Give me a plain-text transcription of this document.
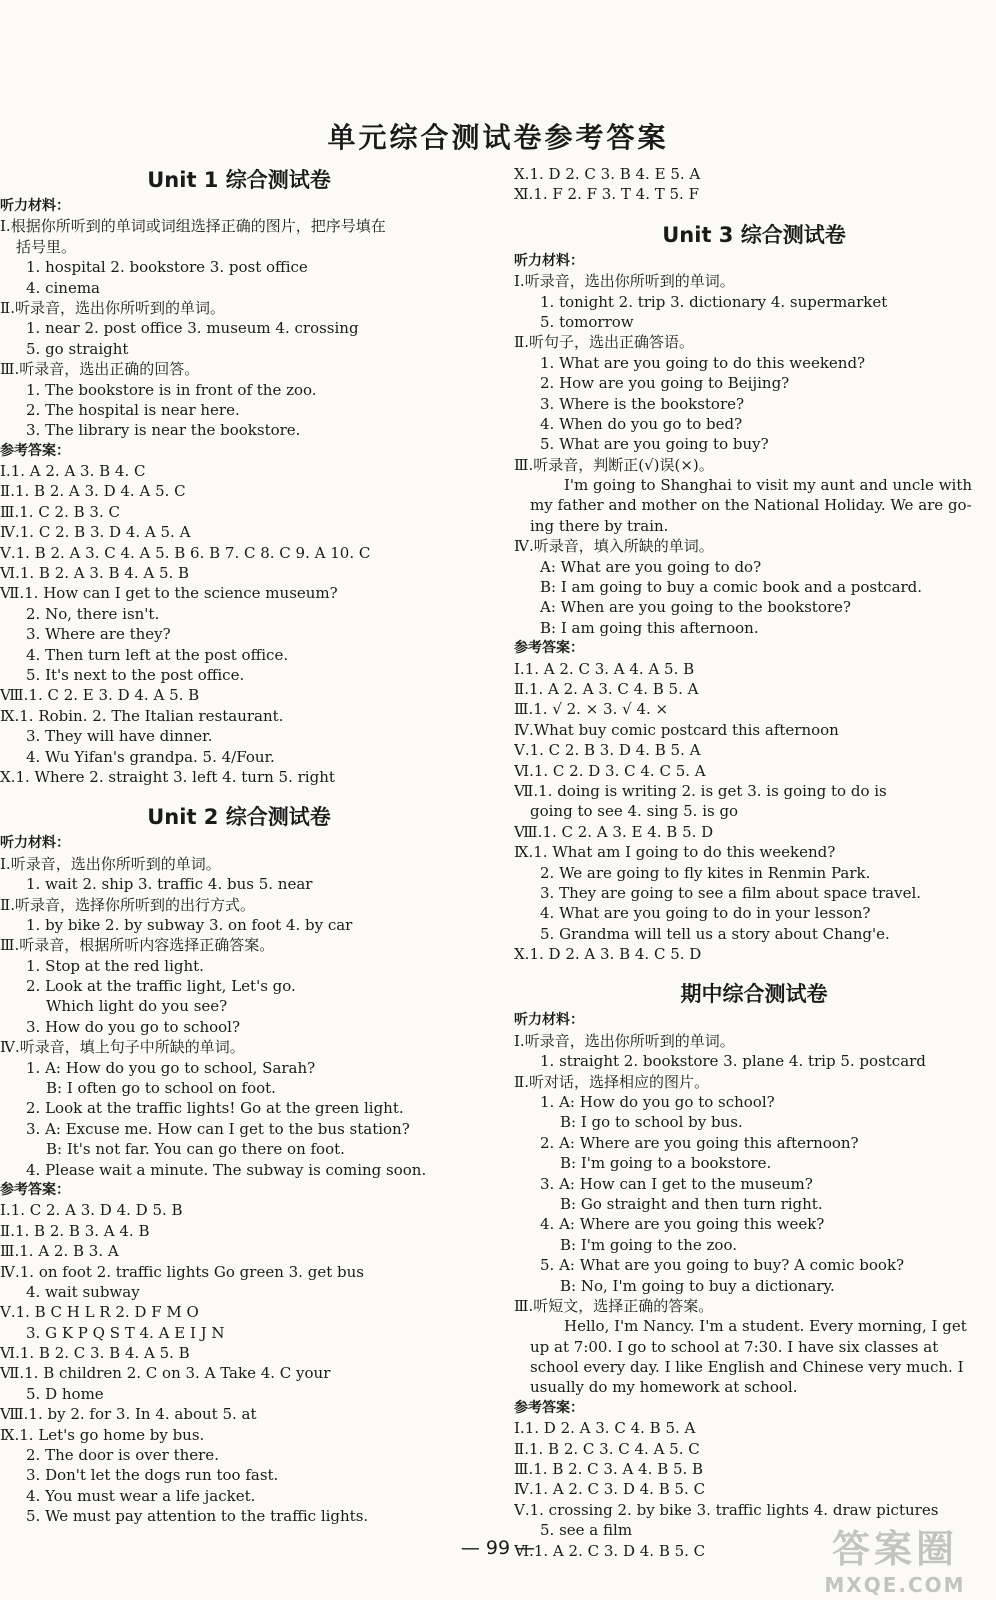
单元综合测试卷参考答案
Unit 1 综合测试卷
听力材料：
Ⅰ.根据你所听到的单词或词组选择正确的图片，把序号填在
括号里。
1. hospital 2. bookstore 3. post office
4. cinema
Ⅱ.听录音，选出你所听到的单词。
1. near 2. post office 3. museum 4. crossing
5. go straight
Ⅲ.听录音，选出正确的回答。
1. The bookstore is in front of the zoo.
2. The hospital is near here.
3. The library is near the bookstore.
参考答案：
Ⅰ.1. A 2. A 3. B 4. C
Ⅱ.1. B 2. A 3. D 4. A 5. C
Ⅲ.1. C 2. B 3. C
Ⅳ.1. C 2. B 3. D 4. A 5. A
Ⅴ.1. B 2. A 3. C 4. A 5. B 6. B 7. C 8. C 9. A 10. C
Ⅵ.1. B 2. A 3. B 4. A 5. B
Ⅶ.1. How can I get to the science museum?
2. No, there isn't.
3. Where are they?
4. Then turn left at the post office.
5. It's next to the post office.
Ⅷ.1. C 2. E 3. D 4. A 5. B
Ⅸ.1. Robin. 2. The Italian restaurant.
3. They will have dinner.
4. Wu Yifan's grandpa. 5. 4/Four.
Ⅹ.1. Where 2. straight 3. left 4. turn 5. right
Unit 2 综合测试卷
听力材料：
Ⅰ.听录音，选出你所听到的单词。
1. wait 2. ship 3. traffic 4. bus 5. near
Ⅱ.听录音，选择你所听到的出行方式。
1. by bike 2. by subway 3. on foot 4. by car
Ⅲ.听录音，根据所听内容选择正确答案。
1. Stop at the red light.
2. Look at the traffic light, Let's go.
Which light do you see?
3. How do you go to school?
Ⅳ.听录音，填上句子中所缺的单词。
1. A: How do you go to school, Sarah?
B: I often go to school on foot.
2. Look at the traffic lights! Go at the green light.
3. A: Excuse me. How can I get to the bus station?
B: It's not far. You can go there on foot.
4. Please wait a minute. The subway is coming soon.
参考答案：
Ⅰ.1. C 2. A 3. D 4. D 5. B
Ⅱ.1. B 2. B 3. A 4. B
Ⅲ.1. A 2. B 3. A
Ⅳ.1. on foot 2. traffic lights Go green 3. get bus
4. wait subway
Ⅴ.1. B C H L R 2. D F M O
3. G K P Q S T 4. A E I J N
Ⅵ.1. B 2. C 3. B 4. A 5. B
Ⅶ.1. B children 2. C on 3. A Take 4. C your
5. D home
Ⅷ.1. by 2. for 3. In 4. about 5. at
Ⅸ.1. Let's go home by bus.
2. The door is over there.
3. Don't let the dogs run too fast.
4. You must wear a life jacket.
5. We must pay attention to the traffic lights.
Ⅹ.1. D 2. C 3. B 4. E 5. A
Ⅺ.1. F 2. F 3. T 4. T 5. F
Unit 3 综合测试卷
听力材料：
Ⅰ.听录音，选出你所听到的单词。
1. tonight 2. trip 3. dictionary 4. supermarket
5. tomorrow
Ⅱ.听句子，选出正确答语。
1. What are you going to do this weekend?
2. How are you going to Beijing?
3. Where is the bookstore?
4. When do you go to bed?
5. What are you going to buy?
Ⅲ.听录音，判断正(√)误(×)。
I'm going to Shanghai to visit my aunt and uncle with
my father and mother on the National Holiday. We are go-
ing there by train.
Ⅳ.听录音，填入所缺的单词。
A: What are you going to do?
B: I am going to buy a comic book and a postcard.
A: When are you going to the bookstore?
B: I am going this afternoon.
参考答案：
Ⅰ.1. A 2. C 3. A 4. A 5. B
Ⅱ.1. A 2. A 3. C 4. B 5. A
Ⅲ.1. √ 2. × 3. √ 4. ×
Ⅳ.What buy comic postcard this afternoon
Ⅴ.1. C 2. B 3. D 4. B 5. A
Ⅵ.1. C 2. D 3. C 4. C 5. A
Ⅶ.1. doing is writing 2. is get 3. is going to do is
going to see 4. sing 5. is go
Ⅷ.1. C 2. A 3. E 4. B 5. D
Ⅸ.1. What am I going to do this weekend?
2. We are going to fly kites in Renmin Park.
3. They are going to see a film about space travel.
4. What are you going to do in your lesson?
5. Grandma will tell us a story about Chang'e.
Ⅹ.1. D 2. A 3. B 4. C 5. D
期中综合测试卷
听力材料：
Ⅰ.听录音，选出你所听到的单词。
1. straight 2. bookstore 3. plane 4. trip 5. postcard
Ⅱ.听对话，选择相应的图片。
1. A: How do you go to school?
B: I go to school by bus.
2. A: Where are you going this afternoon?
B: I'm going to a bookstore.
3. A: How can I get to the museum?
B: Go straight and then turn right.
4. A: Where are you going this week?
B: I'm going to the zoo.
5. A: What are you going to buy? A comic book?
B: No, I'm going to buy a dictionary.
Ⅲ.听短文，选择正确的答案。
Hello, I'm Nancy. I'm a student. Every morning, I get
up at 7:00. I go to school at 7:30. I have six classes at
school every day. I like English and Chinese very much. I
usually do my homework at school.
参考答案：
Ⅰ.1. D 2. A 3. C 4. B 5. A
Ⅱ.1. B 2. C 3. C 4. A 5. C
Ⅲ.1. B 2. C 3. A 4. B 5. B
Ⅳ.1. A 2. C 3. D 4. B 5. C
Ⅴ.1. crossing 2. by bike 3. traffic lights 4. draw pictures
5. see a film
Ⅵ.1. A 2. C 3. D 4. B 5. C
— 99 —	答案圈
MXQE.COM
